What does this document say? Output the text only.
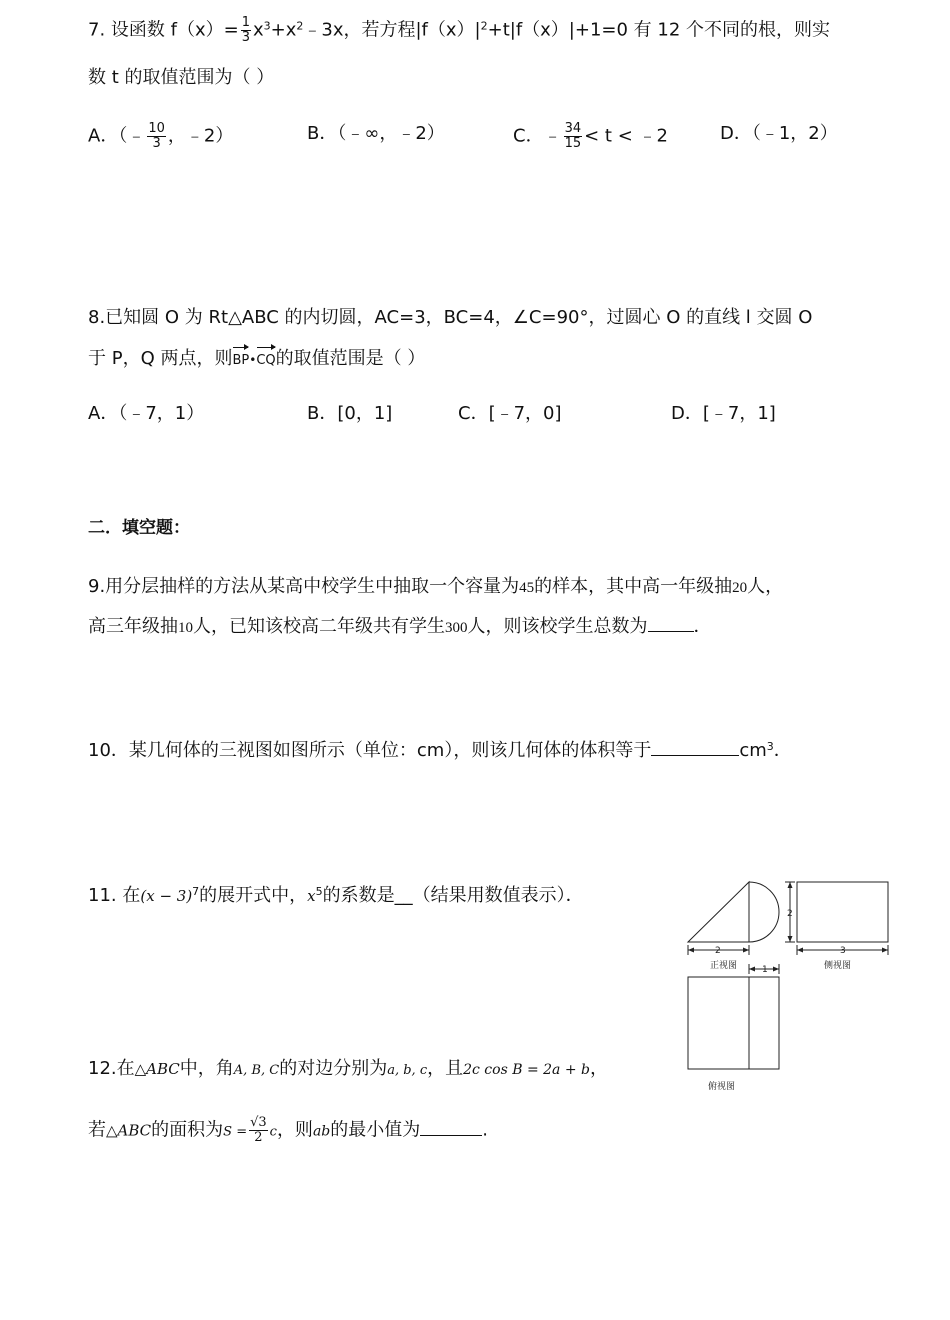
7. 设函数 $f(x)= \frac{1}{3}$ $x^3+x^2﹣3x$，若方程$|f(x)|^2+t|f(x)|+1=0$ 有 12 个不同的根，则实
数 t 的取值范围为（ ）
A．（﹣ $\frac{10}{3}$ ，﹣2）	B．（﹣∞，﹣2）	C．﹣ $\frac{34}{15} < t$ < ﹣2	D．（﹣1，2）
8.已知圆 O 为 Rt△ABC 的内切圆，AC=3，BC=4，∠C=90°，过圆心 O 的直线 l 交圆 O
于 P，Q 两点，则BP•CQ的取值范围是（ ）
A．（﹣7，1）	B．[0，1]	C．[﹣7，0]	D．[﹣7，1]
二．填空题：
9.用分层抽样的方法从某高中校学生中抽取一个容量为45的样本，其中高一年级抽20人，
高三年级抽10人，已知该校高二年级共有学生300人，则该校学生总数为	．
10．某几何体的三视图如图所示（单位：cm），则该几何体的体积等于	$cm^3$．
11. 在$(x - 3)^7$的展开式中，$x^5$的系数是__（结果用数值表示）．
12.在△ABC中，角A, B, C的对边分别为a, b, c，且2c cos B = 2a + b，
若△ABC的面积为$S = \frac{√3}{2}$ c，则ab的最小值为	.
2
2
3
1
正视图	侧视图
俯视图
